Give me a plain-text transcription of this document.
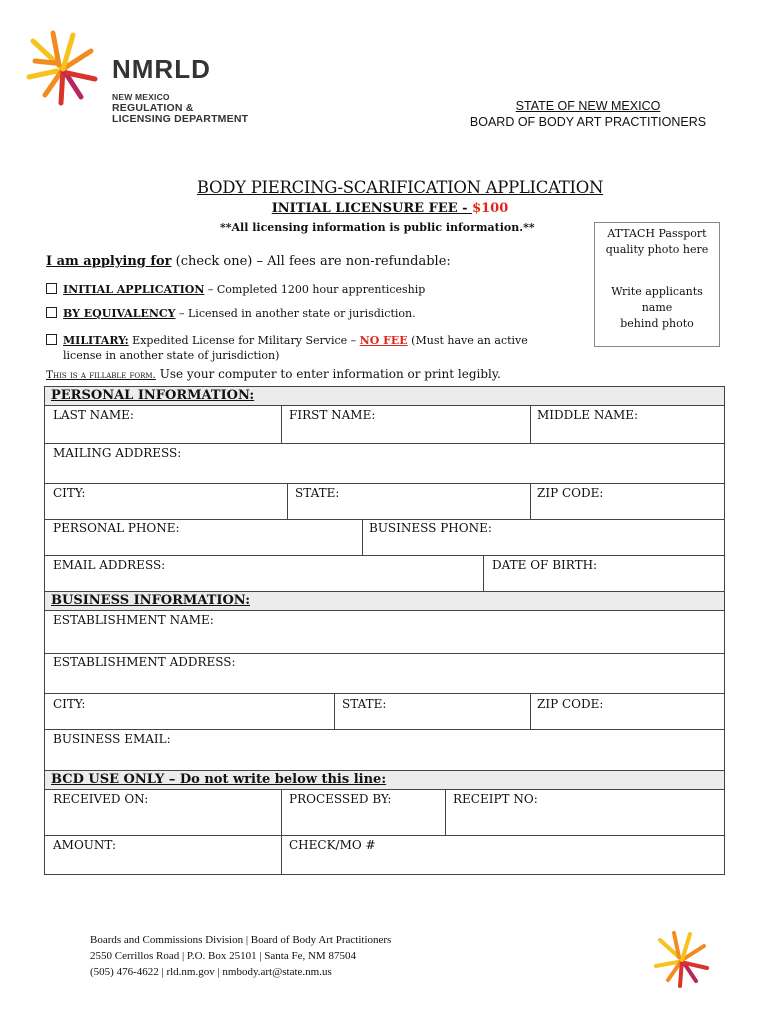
NMRLD
NEW MEXICO
REGULATION &
LICENSING DEPARTMENT
STATE OF NEW MEXICO
BOARD OF BODY ART PRACTITIONERS
BODY PIERCING-SCARIFICATION APPLICATION
INITIAL LICENSURE FEE - $100
**All licensing information is public information.**	ATTACH Passport
quality photo here
Write applicants
name
behind photo
I am applying for (check one) – All fees are non-refundable:
INITIAL APPLICATION – Completed 1200 hour apprenticeship
BY EQUIVALENCY – Licensed in another state or jurisdiction.
MILITARY: Expedited License for Military Service – NO FEE (Must have an active
license in another state of jurisdiction)
This is a fillable form. Use your computer to enter information or print legibly.
PERSONAL INFORMATION:
LAST NAME:	FIRST NAME:	MIDDLE NAME:
MAILING ADDRESS:
CITY:	STATE:	ZIP CODE:
PERSONAL PHONE:	BUSINESS PHONE:
EMAIL ADDRESS:	DATE OF BIRTH:
BUSINESS INFORMATION:
ESTABLISHMENT NAME:
ESTABLISHMENT ADDRESS:
CITY:	STATE:	ZIP CODE:
BUSINESS EMAIL:
BCD USE ONLY – Do not write below this line:
RECEIVED ON:	PROCESSED BY:	RECEIPT NO:
AMOUNT:	CHECK/MO #
Boards and Commissions Division | Board of Body Art Practitioners
2550 Cerrillos Road | P.O. Box 25101 | Santa Fe, NM 87504
(505) 476-4622 | rld.nm.gov | nmbody.art@state.nm.us
